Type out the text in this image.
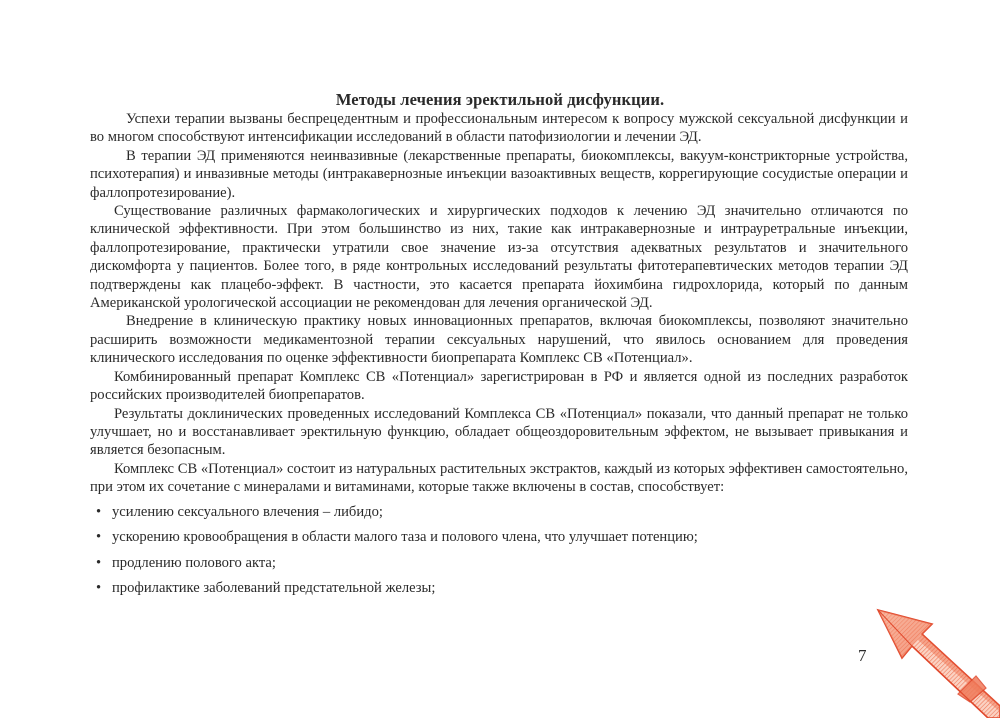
Методы лечения эректильной дисфункции.

Успехи терапии вызваны беспрецедентным и профессиональным интересом к вопросу мужской сексуальной дисфункции и во многом способствуют интенсификации исследований в области патофизиологии и лечении ЭД.

В терапии ЭД применяются неинвазивные (лекарственные препараты, биокомплексы, вакуум-констрикторные устройства, психотерапия) и инвазивные методы (интракавернозные инъекции вазоактивных веществ, коррегирующие сосудистые операции и фаллопротезирование).

Существование различных фармакологических и хирургических подходов к лечению ЭД значительно отличаются по клинической эффективности. При этом большинство из них, такие как интракавернозные и интрауретральные инъекции, фаллопротезирование, практически утратили свое значение из-за отсутствия адекватных результатов и значительного дискомфорта у пациентов. Более того, в ряде контрольных исследований результаты фитотерапевтических методов терапии ЭД подтверждены как плацебо-эффект. В частности, это касается препарата йохимбина гидрохлорида, который по данным Американской урологической ассоциации не рекомендован для лечения органической ЭД.

Внедрение в клиническую практику новых инновационных препаратов, включая биокомплексы, позволяют значительно расширить возможности медикаментозной терапии сексуальных нарушений, что явилось основанием для проведения клинического исследования по оценке эффективности биопрепарата Комплекс СВ «Потенциал».

Комбинированный препарат Комплекс СВ «Потенциал» зарегистрирован в РФ и является одной из последних разработок российских производителей биопрепаратов.

Результаты доклинических проведенных исследований Комплекса СВ «Потенциал» показали, что данный препарат не только улучшает, но и восстанавливает эректильную функцию, обладает общеоздоровительным эффектом, не вызывает привыкания и является безопасным.

Комплекс СВ «Потенциал» состоит из натуральных растительных экстрактов, каждый из которых эффективен самостоятельно, при этом их сочетание с минералами и витаминами, которые также включены в состав, способствует:

• усилению сексуального влечения – либидо;
• ускорению кровообращения в области малого таза и полового члена, что улучшает потенцию;
• продлению полового акта;
• профилактике заболеваний предстательной железы;
7
